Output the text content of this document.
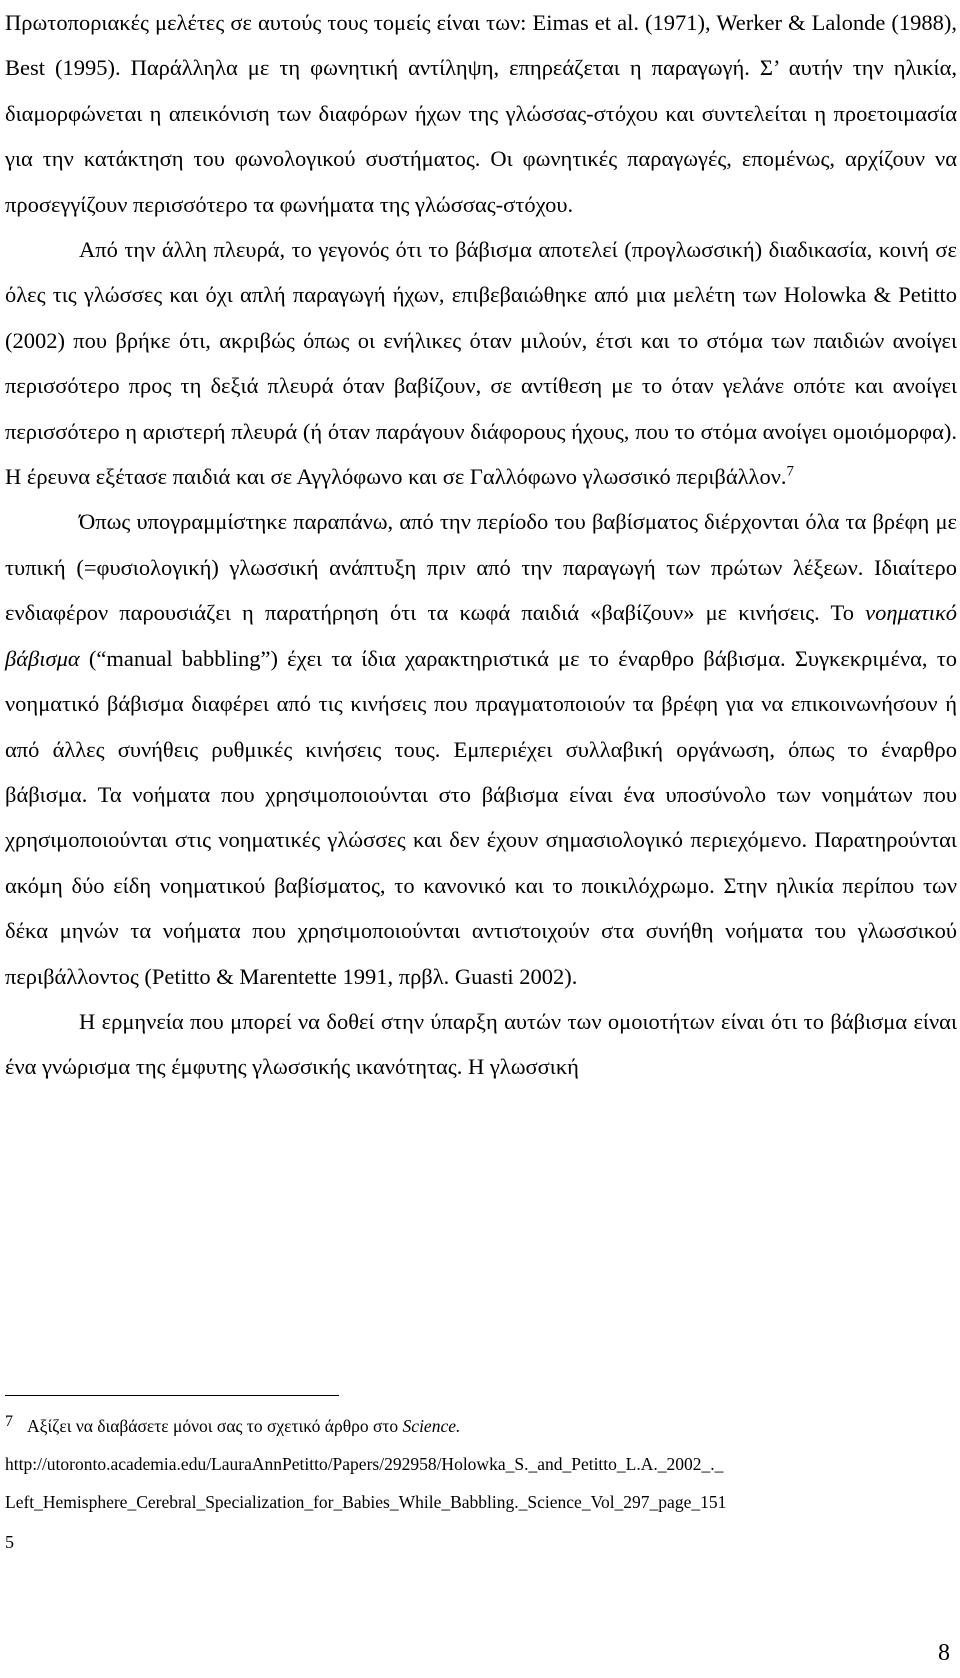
Πρωτοποριακές μελέτες σε αυτούς τους τομείς είναι των: Eimas et al. (1971), Werker & Lalonde (1988), Best (1995). Παράλληλα με τη φωνητική αντίληψη, επηρεάζεται η παραγωγή. Σ’ αυτήν την ηλικία, διαμορφώνεται η απεικόνιση των διαφόρων ήχων της γλώσσας-στόχου και συντελείται η προετοιμασία για την κατάκτηση του φωνολογικού συστήματος. Οι φωνητικές παραγωγές, επομένως, αρχίζουν να προσεγγίζουν περισσότερο τα φωνήματα της γλώσσας-στόχου.

Από την άλλη πλευρά, το γεγονός ότι το βάβισμα αποτελεί (προγλωσσική) διαδικασία, κοινή σε όλες τις γλώσσες και όχι απλή παραγωγή ήχων, επιβεβαιώθηκε από μια μελέτη των Holowka & Petitto (2002) που βρήκε ότι, ακριβώς όπως οι ενήλικες όταν μιλούν, έτσι και το στόμα των παιδιών ανοίγει περισσότερο προς τη δεξιά πλευρά όταν βαβίζουν, σε αντίθεση με το όταν γελάνε οπότε και ανοίγει περισσότερο η αριστερή πλευρά (ή όταν παράγουν διάφορους ήχους, που το στόμα ανοίγει ομοιόμορφα). Η έρευνα εξέτασε παιδιά και σε Αγγλόφωνο και σε Γαλλόφωνο γλωσσικό περιβάλλον.$^7$

Όπως υπογραμμίστηκε παραπάνω, από την περίοδο του βαβίσματος διέρχονται όλα τα βρέφη με τυπική (=φυσιολογική) γλωσσική ανάπτυξη πριν από την παραγωγή των πρώτων λέξεων. Ιδιαίτερο ενδιαφέρον παρουσιάζει η παρατήρηση ότι τα κωφά παιδιά «βαβίζουν» με κινήσεις. Το νοηματικό βάβισμα (“manual babbling”) έχει τα ίδια χαρακτηριστικά με το έναρθρο βάβισμα. Συγκεκριμένα, το νοηματικό βάβισμα διαφέρει από τις κινήσεις που πραγματοποιούν τα βρέφη για να επικοινωνήσουν ή από άλλες συνήθεις ρυθμικές κινήσεις τους. Εμπεριέχει συλλαβική οργάνωση, όπως το έναρθρο βάβισμα. Τα νοήματα που χρησιμοποιούνται στο βάβισμα είναι ένα υποσύνολο των νοημάτων που χρησιμοποιούνται στις νοηματικές γλώσσες και δεν έχουν σημασιολογικό περιεχόμενο. Παρατηρούνται ακόμη δύο είδη νοηματικού βαβίσματος, το κανονικό και το ποικιλόχρωμο. Στην ηλικία περίπου των δέκα μηνών τα νοήματα που χρησιμοποιούνται αντιστοιχούν στα συνήθη νοήματα του γλωσσικού περιβάλλοντος (Petitto & Marentette 1991, πρβλ. Guasti 2002).

Η ερμηνεία που μπορεί να δοθεί στην ύπαρξη αυτών των ομοιοτήτων είναι ότι το βάβισμα είναι ένα γνώρισμα της έμφυτης γλωσσικής ικανότητας. Η γλωσσική

7 Αξίζει να διαβάσετε μόνοι σας το σχετικό άρθρο στο Science.
http://utoronto.academia.edu/LauraAnnPetitto/Papers/292958/Holowka_S._and_Petitto_L.A._2002_._
Left_Hemisphere_Cerebral_Specialization_for_Babies_While_Babbling._Science_Vol_297_page_151
5
8
